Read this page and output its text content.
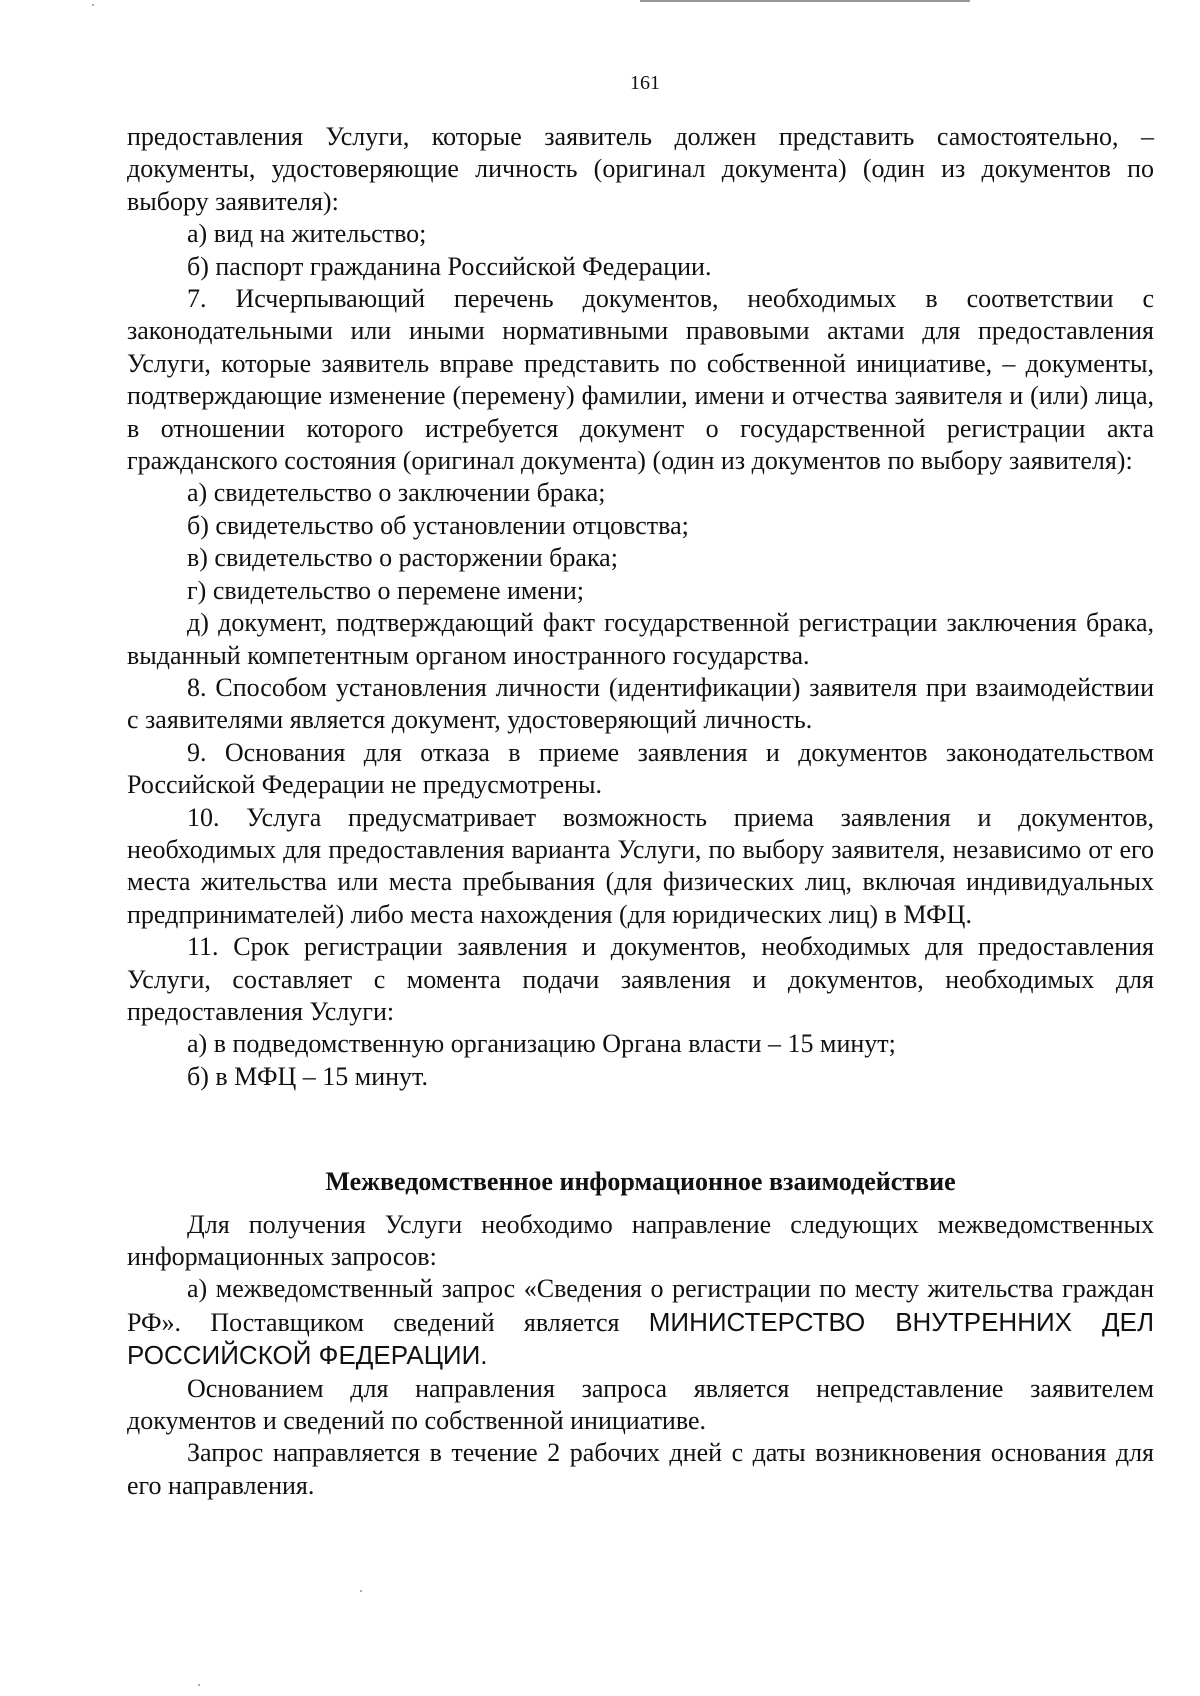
161

предоставления Услуги, которые заявитель должен представить самостоятельно, – документы, удостоверяющие личность (оригинал документа) (один из документов по выбору заявителя):

а) вид на жительство;

б) паспорт гражданина Российской Федерации.

7. Исчерпывающий перечень документов, необходимых в соответствии с законодательными или иными нормативными правовыми актами для предоставления Услуги, которые заявитель вправе представить по собственной инициативе, – документы, подтверждающие изменение (перемену) фамилии, имени и отчества заявителя и (или) лица, в отношении которого истребуется документ о государственной регистрации акта гражданского состояния (оригинал документа) (один из документов по выбору заявителя):

а) свидетельство о заключении брака;

б) свидетельство об установлении отцовства;

в) свидетельство о расторжении брака;

г) свидетельство о перемене имени;

д) документ, подтверждающий факт государственной регистрации заключения брака, выданный компетентным органом иностранного государства.

8. Способом установления личности (идентификации) заявителя при взаимодействии с заявителями является документ, удостоверяющий личность.

9. Основания для отказа в приеме заявления и документов законодательством Российской Федерации не предусмотрены.

10. Услуга предусматривает возможность приема заявления и документов, необходимых для предоставления варианта Услуги, по выбору заявителя, независимо от его места жительства или места пребывания (для физических лиц, включая индивидуальных предпринимателей) либо места нахождения (для юридических лиц) в МФЦ.

11. Срок регистрации заявления и документов, необходимых для предоставления Услуги, составляет с момента подачи заявления и документов, необходимых для предоставления Услуги:

а) в подведомственную организацию Органа власти – 15 минут;

б) в МФЦ – 15 минут.

Межведомственное информационное взаимодействие

Для получения Услуги необходимо направление следующих межведомственных информационных запросов:

а) межведомственный запрос «Сведения о регистрации по месту жительства граждан РФ». Поставщиком сведений является МИНИСТЕРСТВО ВНУТРЕННИХ ДЕЛ РОССИЙСКОЙ ФЕДЕРАЦИИ.

Основанием для направления запроса является непредставление заявителем документов и сведений по собственной инициативе.

Запрос направляется в течение 2 рабочих дней с даты возникновения основания для его направления.
